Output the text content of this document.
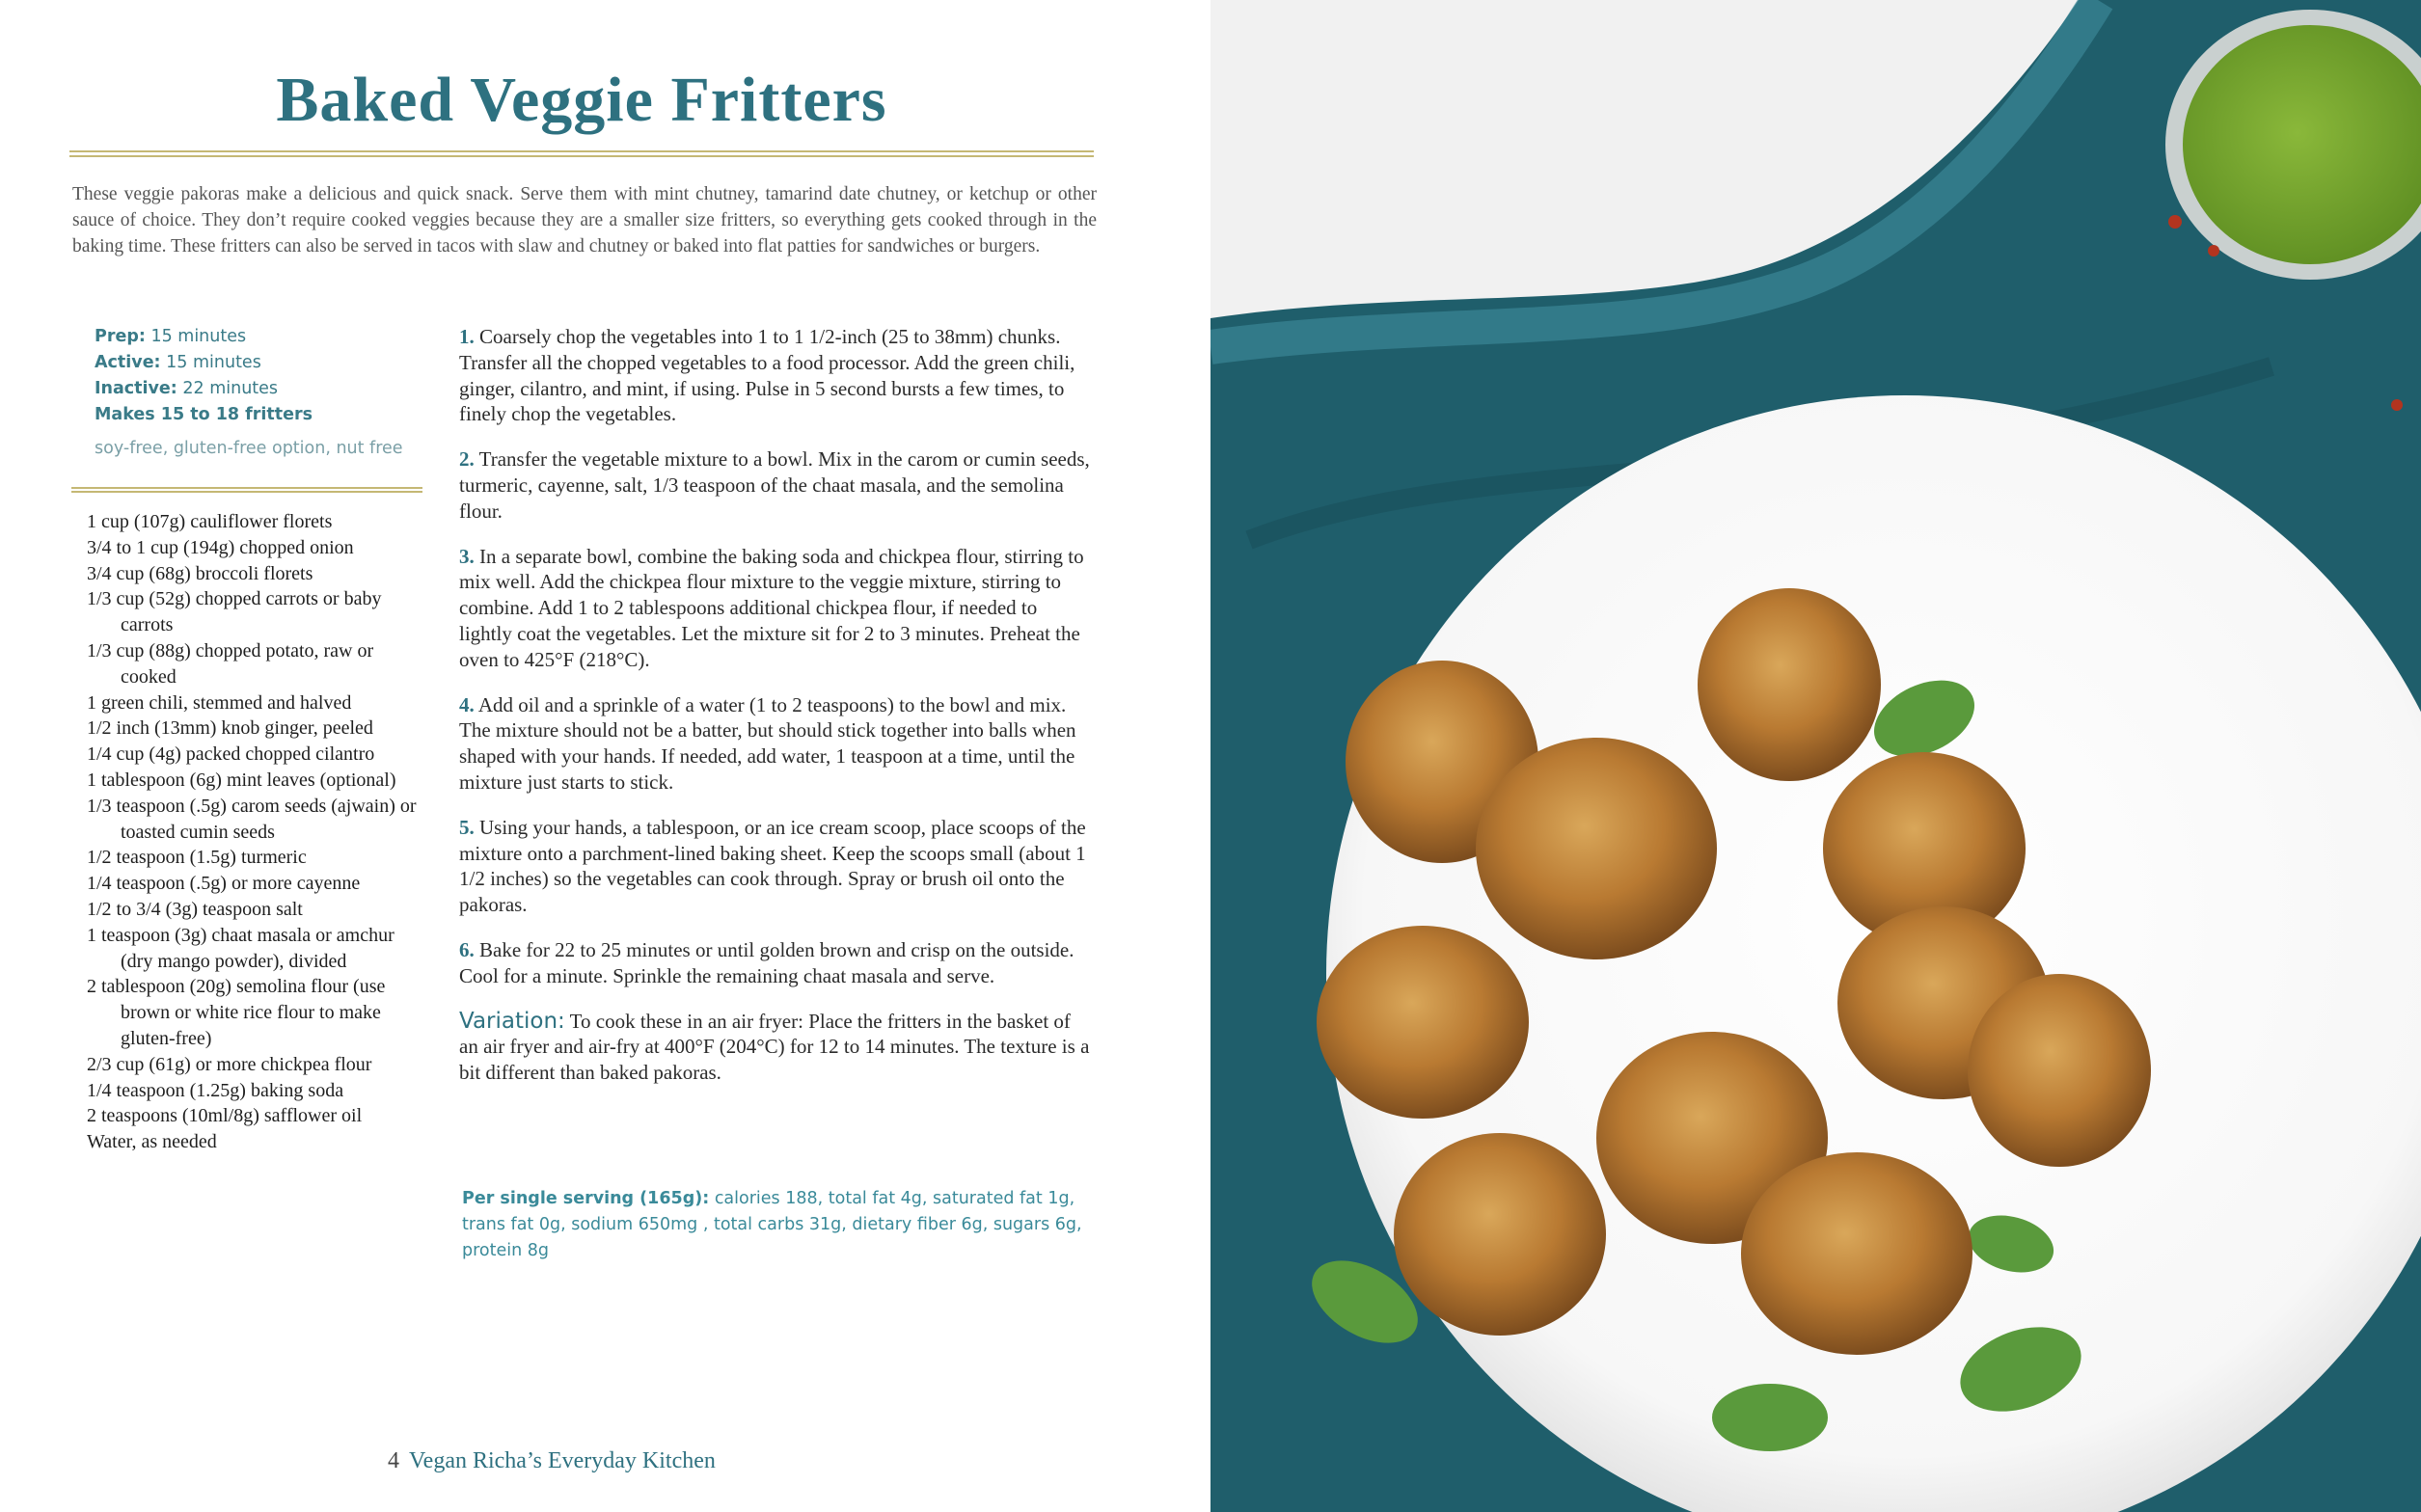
Baked Veggie Fritters

These veggie pakoras make a delicious and quick snack. Serve them with mint chutney, tamarind date chutney, or ketchup or other sauce of choice. They don’t require cooked veggies because they are a smaller size fritters, so everything gets cooked through in the baking time. These fritters can also be served in tacos with slaw and chutney or baked into flat patties for sandwiches or burgers.

Prep: 15 minutes
Active: 15 minutes
Inactive: 22 minutes
Makes 15 to 18 fritters
soy-free, gluten-free option, nut free
1 cup (107g) cauliflower florets
3/4 to 1 cup (194g) chopped onion
3/4 cup (68g) broccoli florets
1/3 cup (52g) chopped carrots or baby carrots
1/3 cup (88g) chopped potato, raw or cooked
1 green chili, stemmed and halved
1/2 inch (13mm) knob ginger, peeled
1/4 cup (4g) packed chopped cilantro
1 tablespoon (6g) mint leaves (optional)
1/3 teaspoon (.5g) carom seeds (ajwain) or toasted cumin seeds
1/2 teaspoon (1.5g) turmeric
1/4 teaspoon (.5g) or more cayenne
1/2 to 3/4 (3g) teaspoon salt
1 teaspoon (3g) chaat masala or amchur (dry mango powder), divided
2 tablespoon (20g) semolina flour (use brown or white rice flour to make gluten-free)
2/3 cup (61g) or more chickpea flour
1/4 teaspoon (1.25g) baking soda
2 teaspoons (10ml/8g) safflower oil
Water, as needed

1. Coarsely chop the vegetables into 1 to 1 1/2-inch (25 to 38mm) chunks. Transfer all the chopped vegetables to a food processor. Add the green chili, ginger, cilantro, and mint, if using. Pulse in 5 second bursts a few times, to finely chop the vegetables.

2. Transfer the vegetable mixture to a bowl. Mix in the carom or cumin seeds, turmeric, cayenne, salt, 1/3 teaspoon of the chaat masala, and the semolina flour.

3. In a separate bowl, combine the baking soda and chickpea flour, stirring to mix well. Add the chickpea flour mixture to the veggie mixture, stirring to combine. Add 1 to 2 tablespoons additional chickpea flour, if needed to lightly coat the vegetables. Let the mixture sit for 2 to 3 minutes. Preheat the oven to 425°F (218°C).

4. Add oil and a sprinkle of a water (1 to 2 teaspoons) to the bowl and mix. The mixture should not be a batter, but should stick together into balls when shaped with your hands. If needed, add water, 1 teaspoon at a time, until the mixture just starts to stick.

5. Using your hands, a tablespoon, or an ice cream scoop, place scoops of the mixture onto a parchment-lined baking sheet. Keep the scoops small (about 1 1/2 inches) so the vegetables can cook through. Spray or brush oil onto the pakoras.

6. Bake for 22 to 25 minutes or until golden brown and crisp on the outside. Cool for a minute. Sprinkle the remaining chaat masala and serve.

Variation: To cook these in an air fryer: Place the fritters in the basket of an air fryer and air-fry at 400°F (204°C) for 12 to 14 minutes. The texture is a bit different than baked pakoras.

Per single serving (165g): calories 188, total fat 4g, saturated fat 1g, trans fat 0g, sodium 650mg , total carbs 31g, dietary fiber 6g, sugars 6g, protein 8g
4 Vegan Richa’s Everyday Kitchen
